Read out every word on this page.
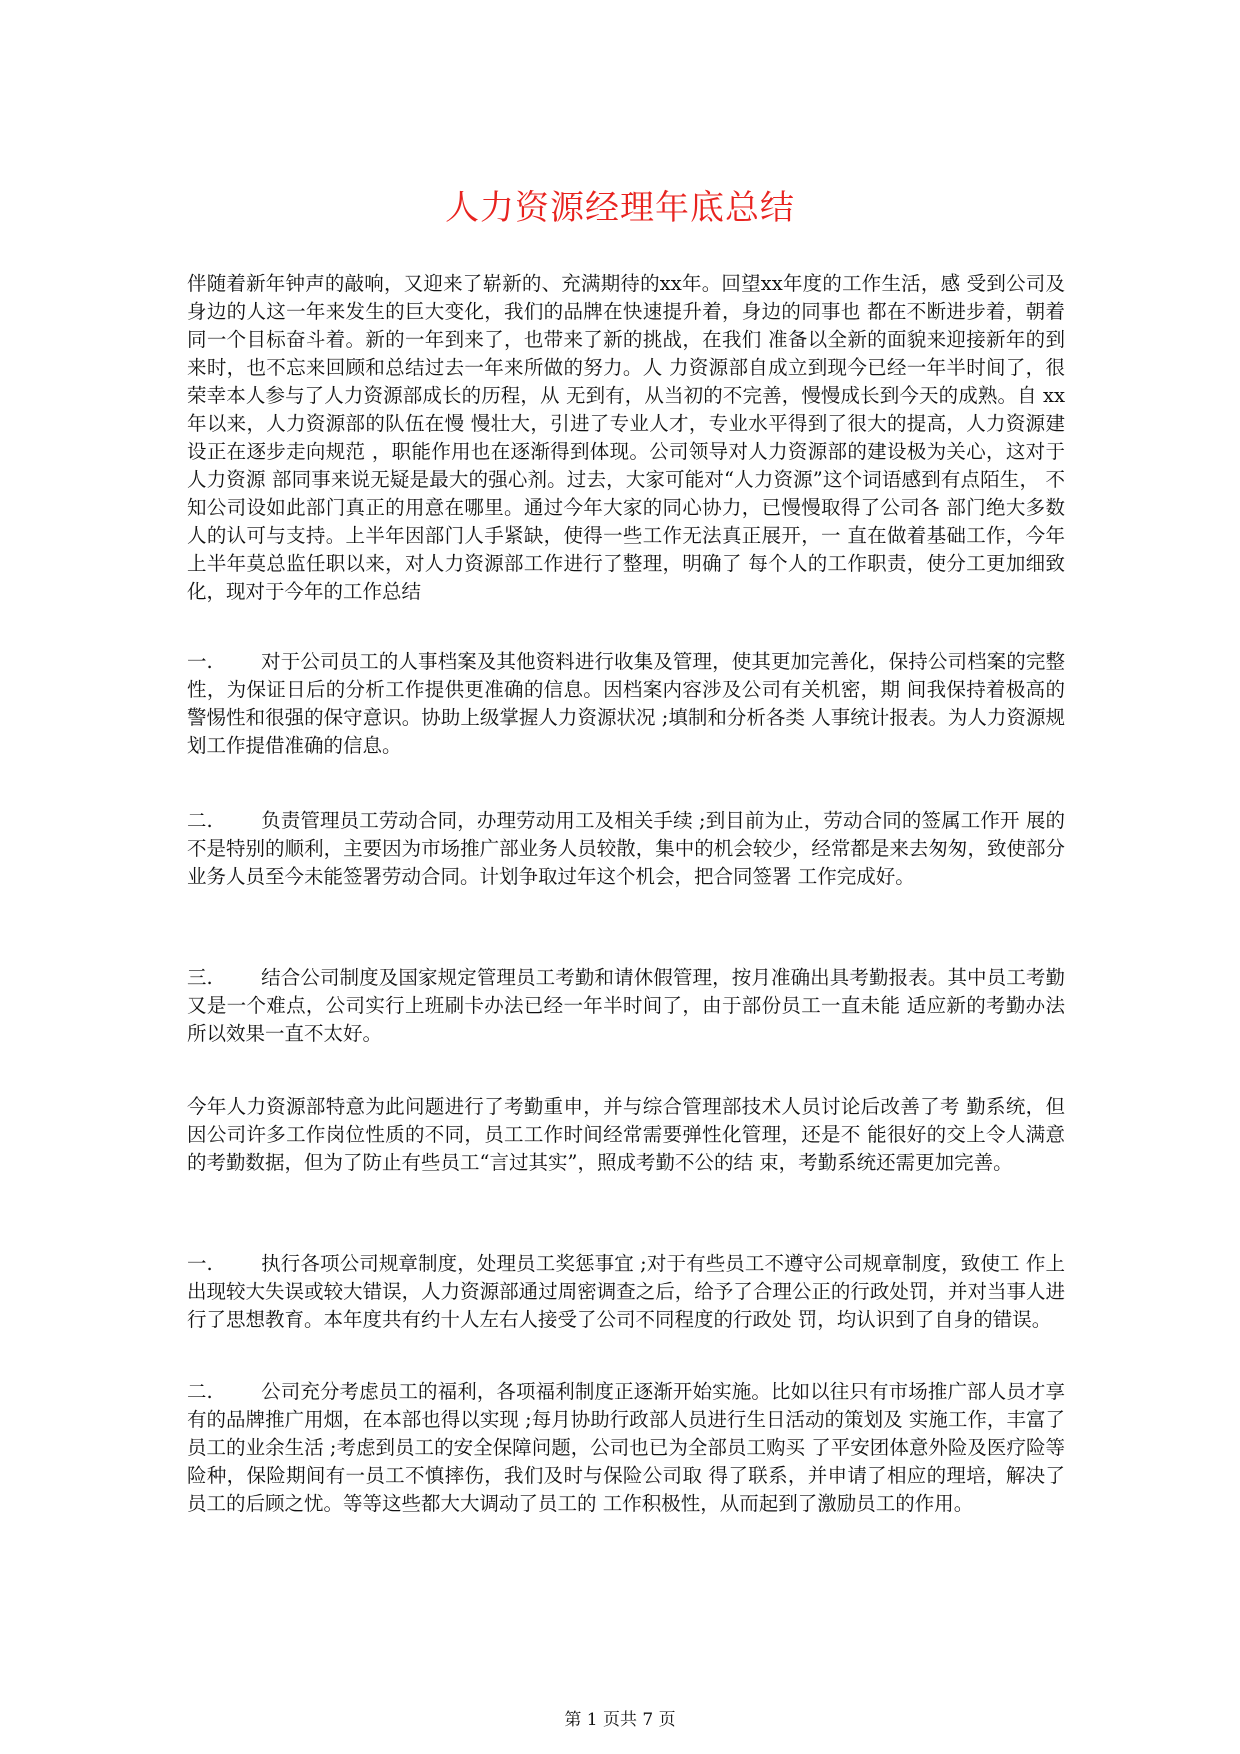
人力资源经理年底总结
伴随着新年钟声的敲响，又迎来了崭新的、充满期待的xx年。回望xx年度的工作生活，感 受到公司及身边的人这一年来发生的巨大变化，我们的品牌在快速提升着，身边的同事也 都在不断进步着，朝着同一个目标奋斗着。新的一年到来了，也带来了新的挑战，在我们 准备以全新的面貌来迎接新年的到来时，也不忘来回顾和总结过去一年来所做的努力。人 力资源部自成立到现今已经一年半时间了，很荣幸本人参与了人力资源部成长的历程，从 无到有，从当初的不完善，慢慢成长到今天的成熟。自 xx年以来，人力资源部的队伍在慢 慢壮大，引进了专业人才，专业水平得到了很大的提高，人力资源建设正在逐步走向规范 ，职能作用也在逐渐得到体现。公司领导对人力资源部的建设极为关心，这对于人力资源 部同事来说无疑是最大的强心剂。过去，大家可能对“人力资源”这个词语感到有点陌生， 不知公司设如此部门真正的用意在哪里。通过今年大家的同心协力，已慢慢取得了公司各 部门绝大多数人的认可与支持。上半年因部门人手紧缺，使得一些工作无法真正展开，一 直在做着基础工作，今年上半年莫总监任职以来，对人力资源部工作进行了整理，明确了 每个人的工作职责，使分工更加细致化，现对于今年的工作总结
一. 对于公司员工的人事档案及其他资料进行收集及管理，使其更加完善化，保持公司档案的完整性，为保证日后的分析工作提供更准确的信息。因档案内容涉及公司有关机密，期 间我保持着极高的警惕性和很强的保守意识。协助上级掌握人力资源状况 ;填制和分析各类 人事统计报表。为人力资源规划工作提借准确的信息。
二. 负责管理员工劳动合同，办理劳动用工及相关手续 ;到目前为止，劳动合同的签属工作开 展的不是特别的顺利，主要因为市场推广部业务人员较散，集中的机会较少，经常都是来去匆匆，致使部分业务人员至今未能签署劳动合同。计划争取过年这个机会，把合同签署 工作完成好。
三. 结合公司制度及国家规定管理员工考勤和请休假管理，按月准确出具考勤报表。其中员工考勤又是一个难点，公司实行上班刷卡办法已经一年半时间了，由于部份员工一直未能 适应新的考勤办法所以效果一直不太好。
今年人力资源部特意为此问题进行了考勤重申，并与综合管理部技术人员讨论后改善了考 勤系统，但因公司许多工作岗位性质的不同，员工工作时间经常需要弹性化管理，还是不 能很好的交上令人满意的考勤数据，但为了防止有些员工“言过其实”，照成考勤不公的结 束，考勤系统还需更加完善。
一. 执行各项公司规章制度，处理员工奖惩事宜 ;对于有些员工不遵守公司规章制度，致使工 作上出现较大失误或较大错误，人力资源部通过周密调查之后，给予了合理公正的行政处罚，并对当事人进行了思想教育。本年度共有约十人左右人接受了公司不同程度的行政处 罚，均认识到了自身的错误。
二. 公司充分考虑员工的福利，各项福利制度正逐渐开始实施。比如以往只有市场推广部人员才享有的品牌推广用烟，在本部也得以实现 ;每月协助行政部人员进行生日活动的策划及 实施工作，丰富了员工的业余生活 ;考虑到员工的安全保障问题，公司也已为全部员工购买 了平安团体意外险及医疗险等险种，保险期间有一员工不慎摔伤，我们及时与保险公司取 得了联系，并申请了相应的理培，解决了员工的后顾之忧。等等这些都大大调动了员工的 工作积极性，从而起到了激励员工的作用。
第 1 页共 7 页
